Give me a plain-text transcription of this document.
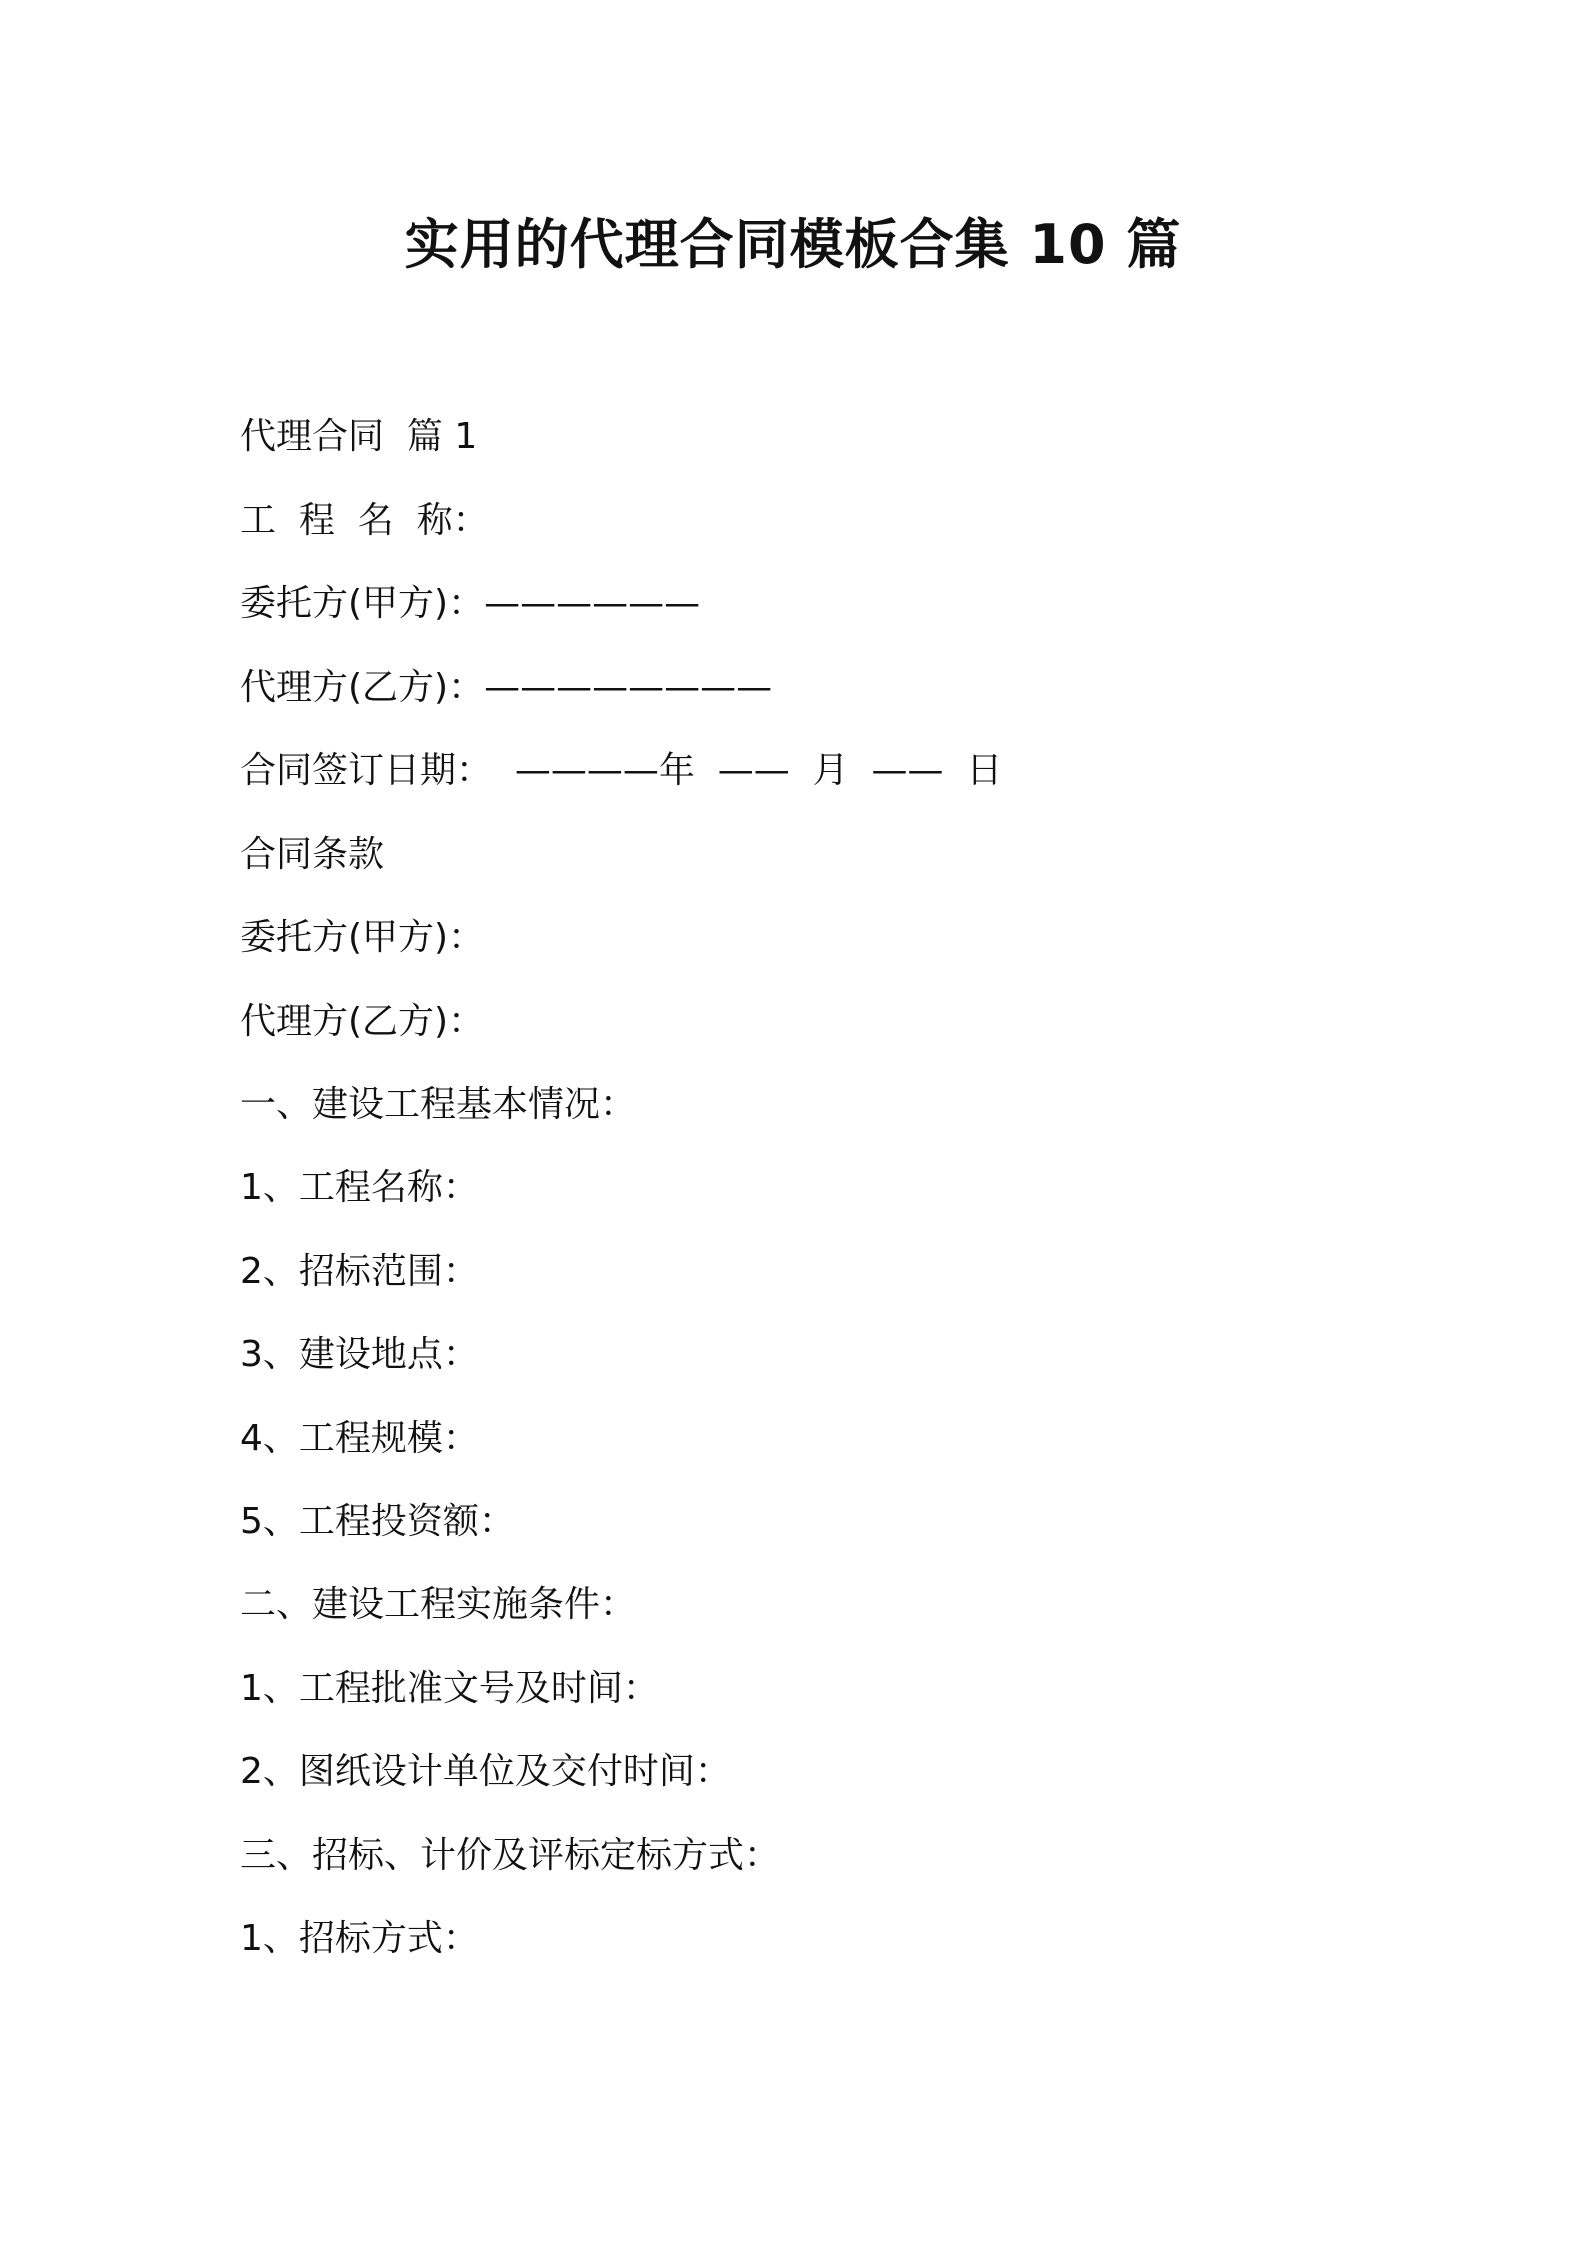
实用的代理合同模板合集 10 篇

代理合同  篇 1

工  程  名  称：

委托方(甲方)：——————

代理方(乙方)：————————

合同签订日期：  ————年  ——  月  ——  日

合同条款

委托方(甲方)：

代理方(乙方)：

一、建设工程基本情况：

1、工程名称：

2、招标范围：

3、建设地点：

4、工程规模：

5、工程投资额：

二、建设工程实施条件：

1、工程批准文号及时间：

2、图纸设计单位及交付时间：

三、招标、计价及评标定标方式：

1、招标方式：
